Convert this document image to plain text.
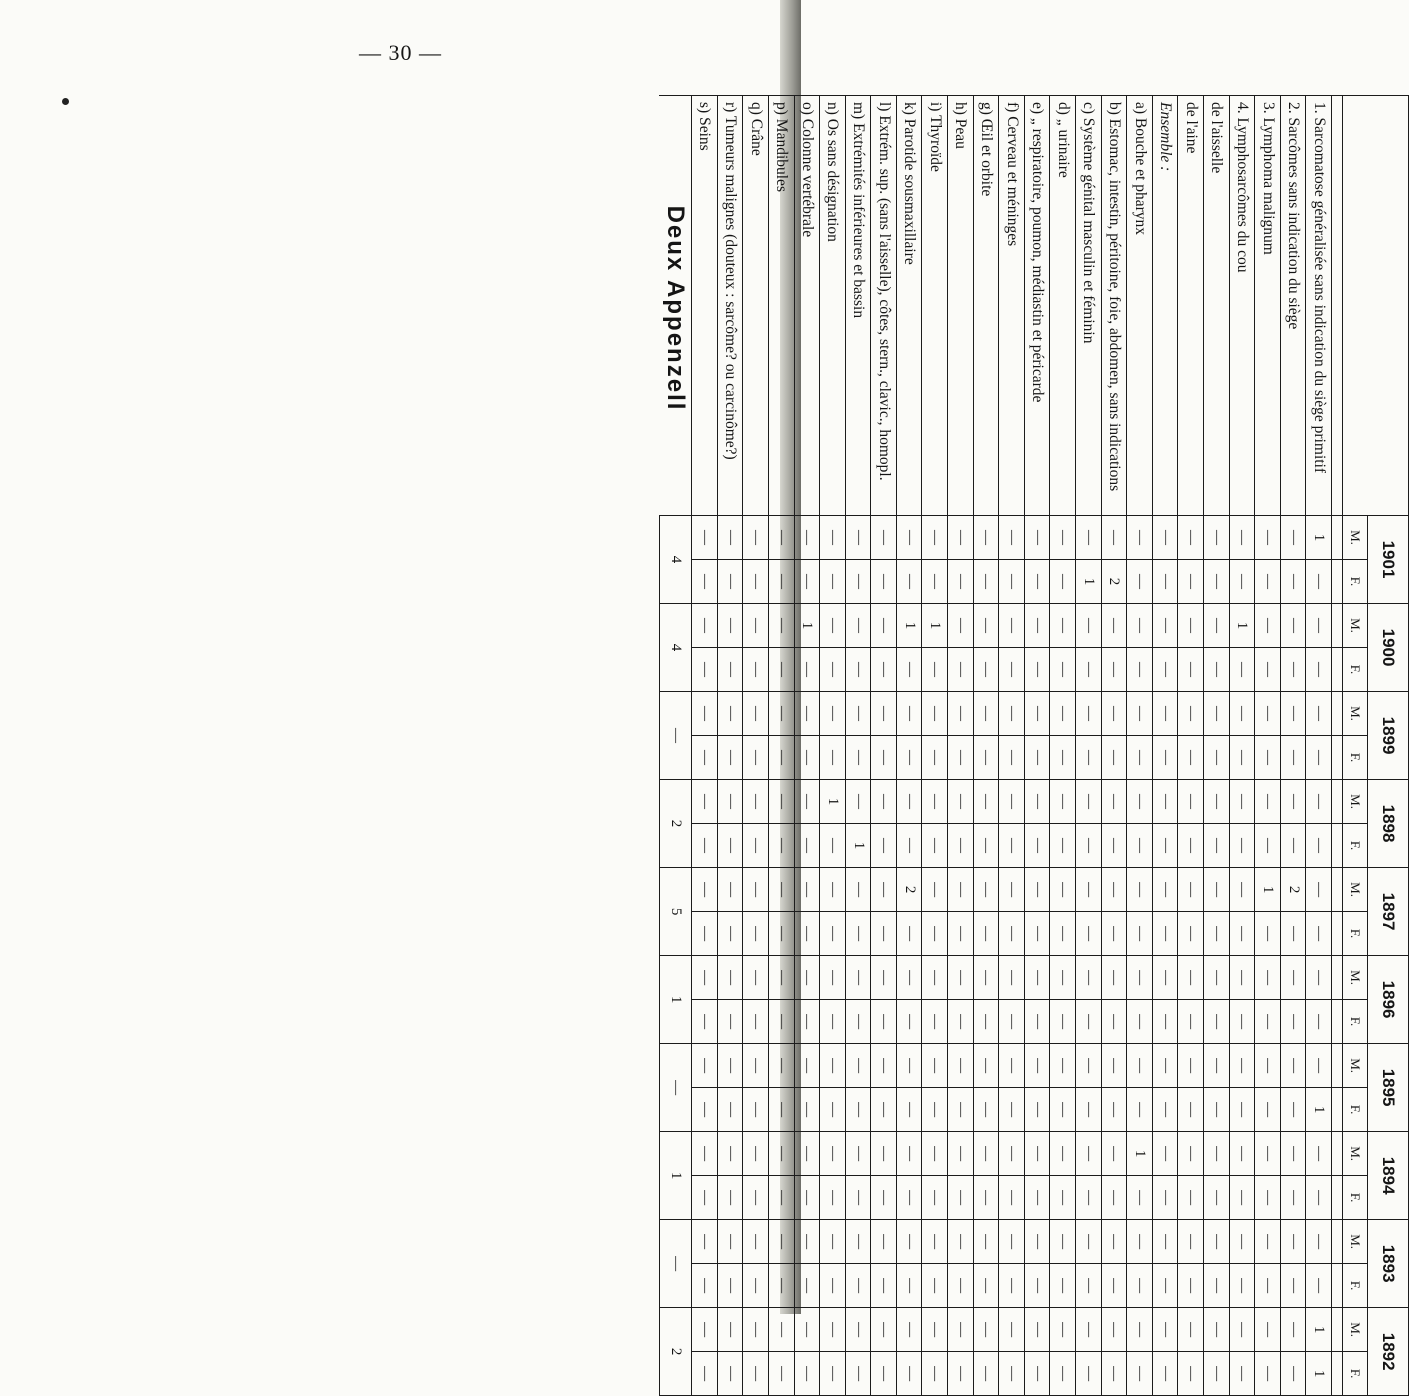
— 30 —
	1901		1900		1899		1898		1897		1896		1895		1894		1893		1892	
	M.	F.	M.	F.	M.	F.	M.	F.	M.	F.	M.	F.	M.	F.	M.	F.	M.	F.	M.	F.

1. Sarcomatose généralisée sans indication du siège primitif	1	—	—	—	—	—	—	—	—	—	—	—	—	1	—	—	—	—	1	1
2. Sarcômes sans indication du siège	—	—	—	—	—	—	—	—	2	—	—	—	—	—	—	—	—	—	—	—
3. Lymphoma malignum	—	—	—	—	—	—	—	—	1	—	—	—	—	—	—	—	—	—	—	—
4. Lymphosarcômes du cou	—	—	1	—	—	—	—	—	—	—	—	—	—	—	—	—	—	—	—	—
de l'aisselle	—	—	—	—	—	—	—	—	—	—	—	—	—	—	—	—	—	—	—	—
de l'aine	—	—	—	—	—	—	—	—	—	—	—	—	—	—	—	—	—	—	—	—
Ensemble :	—	—	—	—	—	—	—	—	—	—	—	—	—	—	—	—	—	—	—	—
a) Bouche et pharynx	—	—	—	—	—	—	—	—	—	—	—	—	—	—	1	—	—	—	—	—
b) Estomac, intestin, péritoine, foie, abdomen, sans indications	—	2	—	—	—	—	—	—	—	—	—	—	—	—	—	—	—	—	—	—
c) Système génital masculin et féminin	—	1	—	—	—	—	—	—	—	—	—	—	—	—	—	—	—	—	—	—
d) „ urinaire	—	—	—	—	—	—	—	—	—	—	—	—	—	—	—	—	—	—	—	—
e) „ respiratoire, poumon, médiastin et péricarde	—	—	—	—	—	—	—	—	—	—	—	—	—	—	—	—	—	—	—	—
f) Cerveau et méninges	—	—	—	—	—	—	—	—	—	—	—	—	—	—	—	—	—	—	—	—
g) Œil et orbite	—	—	—	—	—	—	—	—	—	—	—	—	—	—	—	—	—	—	—	—
h) Peau	—	—	—	—	—	—	—	—	—	—	—	—	—	—	—	—	—	—	—	—
i) Thyroïde	—	—	1	—	—	—	—	—	—	—	—	—	—	—	—	—	—	—	—	—
k) Parotide sousmaxillaire	—	—	1	—	—	—	—	—	2	—	—	—	—	—	—	—	—	—	—	—
l) Extrém. sup. (sans l'aisselle), côtes, stern., clavic., homopl.	—	—	—	—	—	—	—	—	—	—	—	—	—	—	—	—	—	—	—	—
m) Extrémités inférieures et bassin	—	—	—	—	—	—	—	1	—	—	—	—	—	—	—	—	—	—	—	—
n) Os sans désignation	—	—	—	—	—	—	1	—	—	—	—	—	—	—	—	—	—	—	—	—
o) Colonne vertébrale	—	—	1	—	—	—	—	—	—	—	—	—	—	—	—	—	—	—	—	—
p) Mandibules	—	—	—	—	—	—	—	—	—	—	—	—	—	—	—	—	—	—	—	—
q) Crâne	—	—	—	—	—	—	—	—	—	—	—	—	—	—	—	—	—	—	—	—
r) Tumeurs malignes (douteux : sarcôme? ou carcinôme?)	—	—	—	—	—	—	—	—	—	—	—	—	—	—	—	—	—	—	—	—
s) Seins	—	—	—	—	—	—	—	—	—	—	—	—	—	—	—	—	—	—	—	—
Deux Appenzell	4		4		—		2		5		1		—		1		—		2	
